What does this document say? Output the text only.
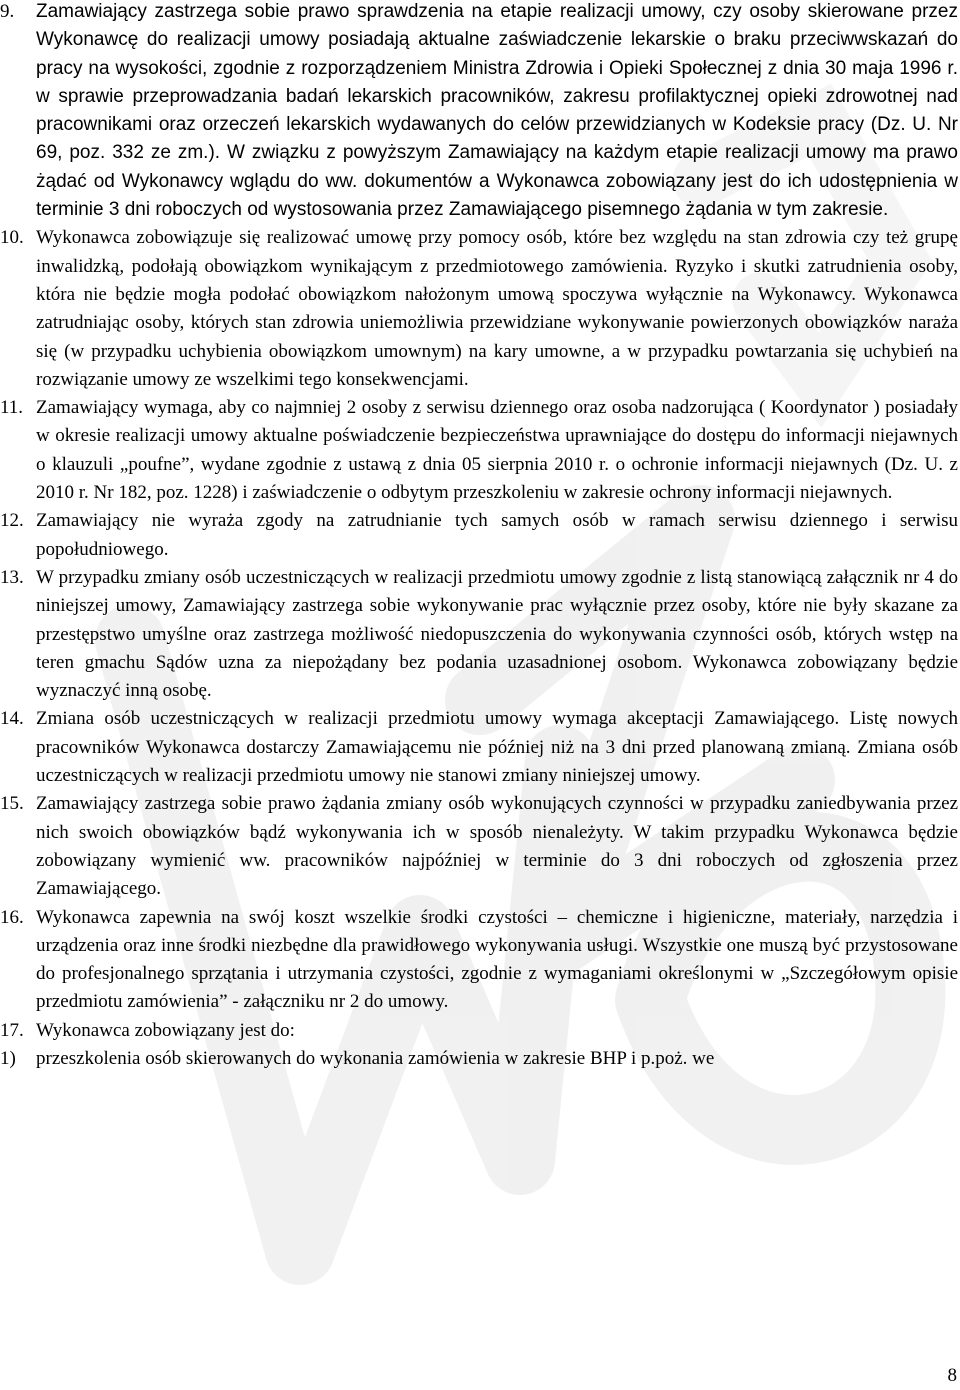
9.	Zamawiający zastrzega sobie prawo sprawdzenia na etapie realizacji umowy, czy osoby skierowane przez Wykonawcę do realizacji umowy posiadają aktualne zaświadczenie lekarskie o braku przeciwwskazań do pracy na wysokości, zgodnie z rozporządzeniem Ministra Zdrowia i Opieki Społecznej z dnia 30 maja 1996 r. w sprawie przeprowadzania badań lekarskich pracowników, zakresu profilaktycznej opieki zdrowotnej nad pracownikami oraz orzeczeń lekarskich wydawanych do celów przewidzianych w Kodeksie pracy (Dz. U. Nr 69, poz. 332 ze zm.). W związku z powyższym Zamawiający na każdym etapie realizacji umowy ma prawo żądać od Wykonawcy wglądu do ww. dokumentów a Wykonawca zobowiązany jest do ich udostępnienia w terminie 3 dni roboczych od wystosowania przez Zamawiającego pisemnego żądania w tym zakresie.
10. Wykonawca zobowiązuje się realizować umowę przy pomocy osób, które bez względu na stan zdrowia czy też grupę inwalidzką, podołają obowiązkom wynikającym z przedmiotowego zamówienia. Ryzyko i skutki zatrudnienia osoby, która nie będzie mogła podołać obowiązkom nałożonym umową spoczywa wyłącznie na Wykonawcy. Wykonawca zatrudniając osoby, których stan zdrowia uniemożliwia przewidziane wykonywanie powierzonych obowiązków naraża się (w przypadku uchybienia obowiązkom umownym) na kary umowne, a w przypadku powtarzania się uchybień na rozwiązanie umowy ze wszelkimi tego konsekwencjami.
11. Zamawiający wymaga, aby co najmniej 2 osoby z serwisu dziennego oraz osoba nadzorująca ( Koordynator ) posiadały w okresie realizacji umowy aktualne poświadczenie bezpieczeństwa uprawniające do dostępu do informacji niejawnych o klauzuli „poufne”, wydane zgodnie z ustawą z dnia 05 sierpnia 2010 r. o ochronie informacji niejawnych (Dz. U. z 2010 r. Nr 182, poz. 1228) i zaświadczenie o odbytym przeszkoleniu w zakresie ochrony informacji niejawnych.
12. Zamawiający nie wyraża zgody na zatrudnianie tych samych osób w ramach serwisu dziennego i serwisu popołudniowego.
13. W przypadku zmiany osób uczestniczących w realizacji przedmiotu umowy zgodnie z listą stanowiącą załącznik nr 4 do niniejszej umowy, Zamawiający zastrzega sobie wykonywanie prac wyłącznie przez osoby, które nie były skazane za przestępstwo umyślne oraz zastrzega możliwość niedopuszczenia do wykonywania czynności osób, których wstęp na teren gmachu Sądów uzna za niepożądany bez podania uzasadnionej osobom. Wykonawca zobowiązany będzie wyznaczyć inną osobę.
14. Zmiana osób uczestniczących w realizacji przedmiotu umowy wymaga akceptacji Zamawiającego. Listę nowych pracowników Wykonawca dostarczy Zamawiającemu nie później niż na 3 dni przed planowaną zmianą. Zmiana osób uczestniczących w realizacji przedmiotu umowy nie stanowi zmiany niniejszej umowy.
15. Zamawiający zastrzega sobie prawo żądania zmiany osób wykonujących czynności w przypadku zaniedbywania przez nich swoich obowiązków bądź wykonywania ich w sposób nienależyty. W takim przypadku Wykonawca będzie zobowiązany wymienić ww. pracowników najpóźniej w terminie do 3 dni roboczych od zgłoszenia przez Zamawiającego.
16. Wykonawca zapewnia na swój koszt wszelkie środki czystości – chemiczne i higieniczne, materiały, narzędzia i urządzenia oraz inne środki niezbędne dla prawidłowego wykonywania usługi. Wszystkie one muszą być przystosowane do profesjonalnego sprzątania i utrzymania czystości, zgodnie z wymaganiami określonymi w „Szczegółowym opisie przedmiotu zamówienia” - załączniku nr 2 do umowy.
17. Wykonawca zobowiązany jest do:
1)	przeszkolenia osób skierowanych do wykonania zamówienia w zakresie BHP i p.poż. we
8
